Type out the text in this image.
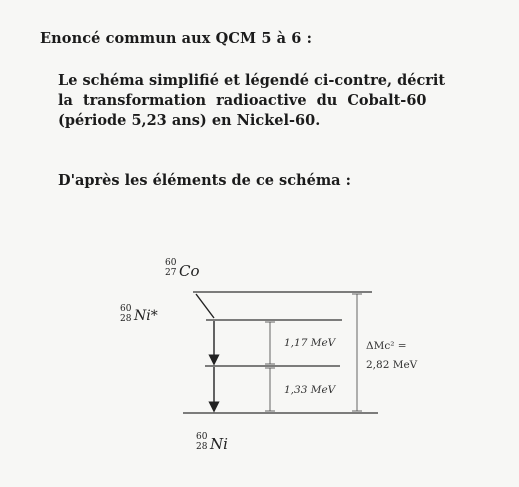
Enoncé commun aux QCM 5 à 6 :
Le schéma simplifié et légendé ci-contre, décrit
la transformation radioactive du Cobalt-60
(période 5,23 ans) en Nickel-60.
D'après les éléments de ce schéma :
60
27 Co
60
28 Ni*
60
28 Ni
1,17 MeV
1,33 MeV
ΔMc² =
2,82 MeV
